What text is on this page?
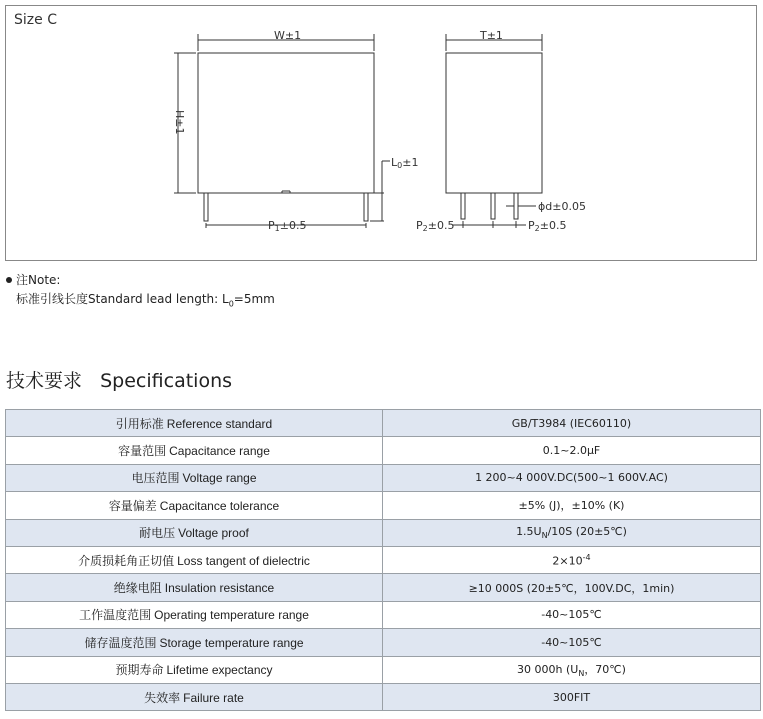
Size C
W±1	T±1
H±1
L0±1
P1±0.5	P2±0.5	P2±0.5
ϕd±0.05
注Note:
标准引线长度Standard lead length: $L_0=5mm$
技术要求   Specifications
引用标准 Reference standard	GB/T3984 (IEC60110)
容量范围 Capacitance range	0.1~2.0μF
电压范围 Voltage range	1 200~4 000V.DC(500~1 600V.AC)
容量偏差 Capacitance tolerance	±5% (J)，±10% (K)
耐电压 Voltage proof	$1.5U_N/10S$ (20±5℃)
介质损耗角正切值 Loss tangent of dielectric	$2\times 10^{-4}$
绝缘电阻 Insulation resistance	≥10 000S (20±5℃，100V.DC，1min)
工作温度范围 Operating temperature range	-40~105℃
储存温度范围 Storage temperature range	-40~105℃
预期寿命 Lifetime expectancy	30 000h ($U_N$，70℃)
失效率 Failure rate	300FIT
